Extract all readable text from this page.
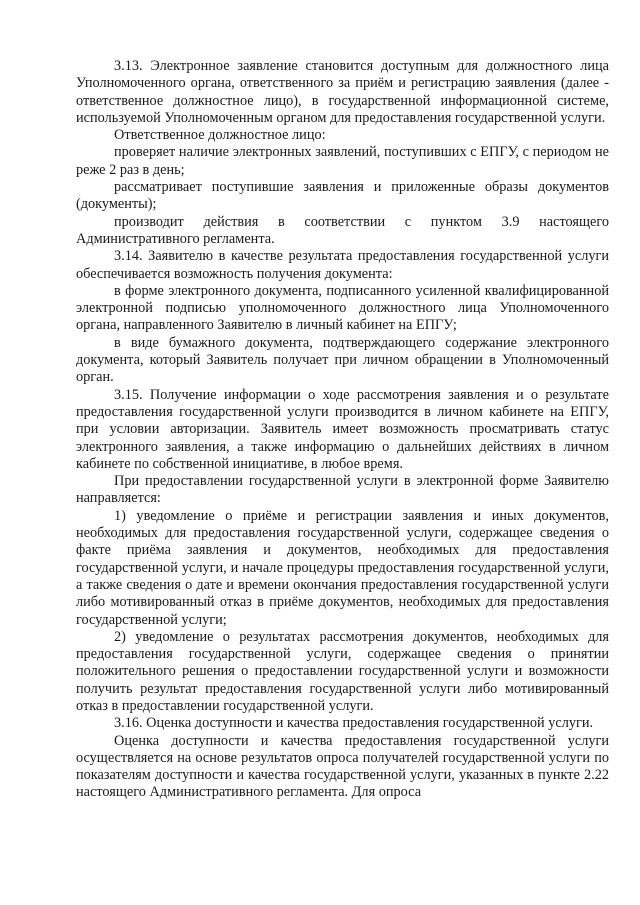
3.13. Электронное заявление становится доступным для должностного лица Уполномоченного органа, ответственного за приём и регистрацию заявления (далее - ответственное должностное лицо), в государственной информационной системе, используемой Уполномоченным органом для предоставления государственной услуги.

Ответственное должностное лицо:

проверяет наличие электронных заявлений, поступивших с ЕПГУ, с периодом не реже 2 раз в день;

рассматривает поступившие заявления и приложенные образы документов (документы);

производит действия в соответствии с пунктом 3.9 настоящего Административного регламента.

3.14. Заявителю в качестве результата предоставления государственной услуги обеспечивается возможность получения документа:

в форме электронного документа, подписанного усиленной квалифицированной электронной подписью уполномоченного должностного лица Уполномоченного органа, направленного Заявителю в личный кабинет на ЕПГУ;

в виде бумажного документа, подтверждающего содержание электронного документа, который Заявитель получает при личном обращении в Уполномоченный орган.

3.15. Получение информации о ходе рассмотрения заявления и о результате предоставления государственной услуги производится в личном кабинете на ЕПГУ, при условии авторизации. Заявитель имеет возможность просматривать статус электронного заявления, а также информацию о дальнейших действиях в личном кабинете по собственной инициативе, в любое время.

При предоставлении государственной услуги в электронной форме Заявителю направляется:

1) уведомление о приёме и регистрации заявления и иных документов, необходимых для предоставления государственной услуги, содержащее сведения о факте приёма заявления и документов, необходимых для предоставления государственной услуги, и начале процедуры предоставления государственной услуги, а также сведения о дате и времени окончания предоставления государственной услуги либо мотивированный отказ в приёме документов, необходимых для предоставления государственной услуги;

2) уведомление о результатах рассмотрения документов, необходимых для предоставления государственной услуги, содержащее сведения о принятии положительного решения о предоставлении государственной услуги и возможности получить результат предоставления государственной услуги либо мотивированный отказ в предоставлении государственной услуги.

3.16. Оценка доступности и качества предоставления государственной услуги.

Оценка доступности и качества предоставления государственной услуги осуществляется на основе результатов опроса получателей государственной услуги по показателям доступности и качества государственной услуги, указанных в пункте 2.22 настоящего Административного регламента. Для опроса
